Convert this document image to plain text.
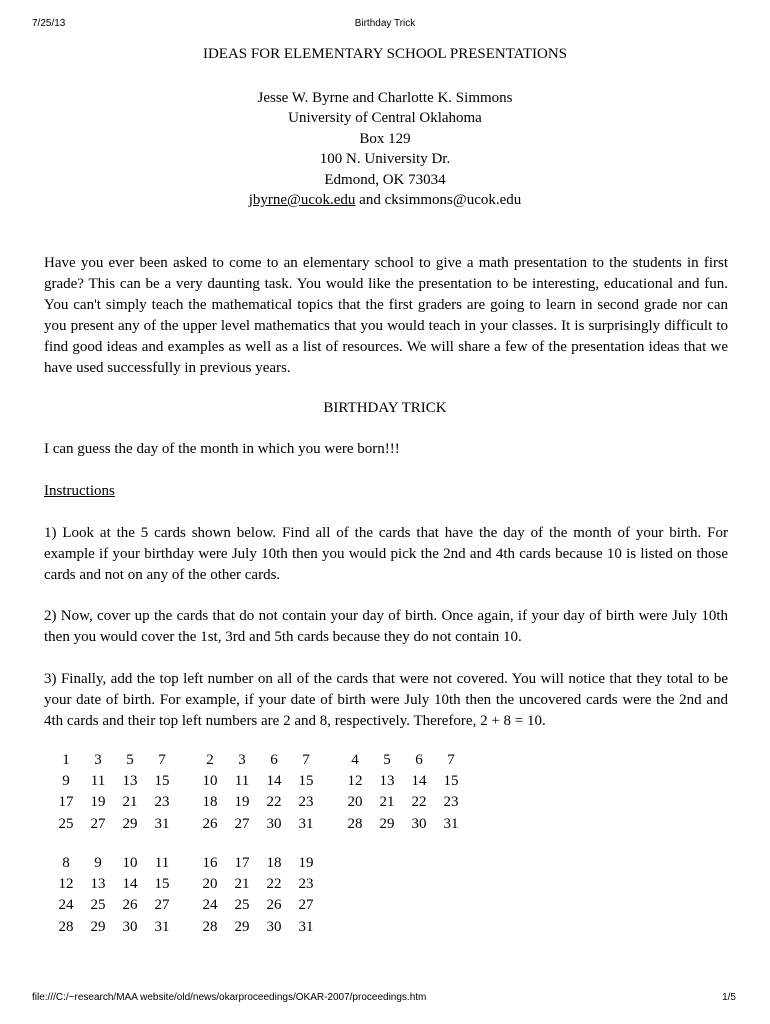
7/25/13	Birthday Trick
IDEAS FOR ELEMENTARY SCHOOL PRESENTATIONS
Jesse W. Byrne and Charlotte K. Simmons
University of Central Oklahoma
Box 129
100 N. University Dr.
Edmond, OK 73034
jbyrne@ucok.edu and cksimmons@ucok.edu
Have you ever been asked to come to an elementary school to give a math presentation to the students in first grade? This can be a very daunting task. You would like the presentation to be interesting, educational and fun. You can't simply teach the mathematical topics that the first graders are going to learn in second grade nor can you present any of the upper level mathematics that you would teach in your classes. It is surprisingly difficult to find good ideas and examples as well as a list of resources. We will share a few of the presentation ideas that we have used successfully in previous years.
BIRTHDAY TRICK
I can guess the day of the month in which you were born!!!
Instructions
1) Look at the 5 cards shown below. Find all of the cards that have the day of the month of your birth. For example if your birthday were July 10th then you would pick the 2nd and 4th cards because 10 is listed on those cards and not on any of the other cards.
2) Now, cover up the cards that do not contain your day of birth. Once again, if your day of birth were July 10th then you would cover the 1st, 3rd and 5th cards because they do not contain 10.
3) Finally, add the top left number on all of the cards that were not covered. You will notice that they total to be your date of birth. For example, if your date of birth were July 10th then the uncovered cards were the 2nd and 4th cards and their top left numbers are 2 and 8, respectively. Therefore, 2 + 8 = 10.
1	3	5	7
9	11	13	15
17	19	21	23
25	27	29	31
2	3	6	7
10	11	14	15
18	19	22	23
26	27	30	31
4	5	6	7
12	13	14	15
20	21	22	23
28	29	30	31
8	9	10	11
12	13	14	15
24	25	26	27
28	29	30	31
16	17	18	19
20	21	22	23
24	25	26	27
28	29	30	31
file:///C:/~research/MAA website/old/news/okarproceedings/OKAR-2007/proceedings.htm	1/5
